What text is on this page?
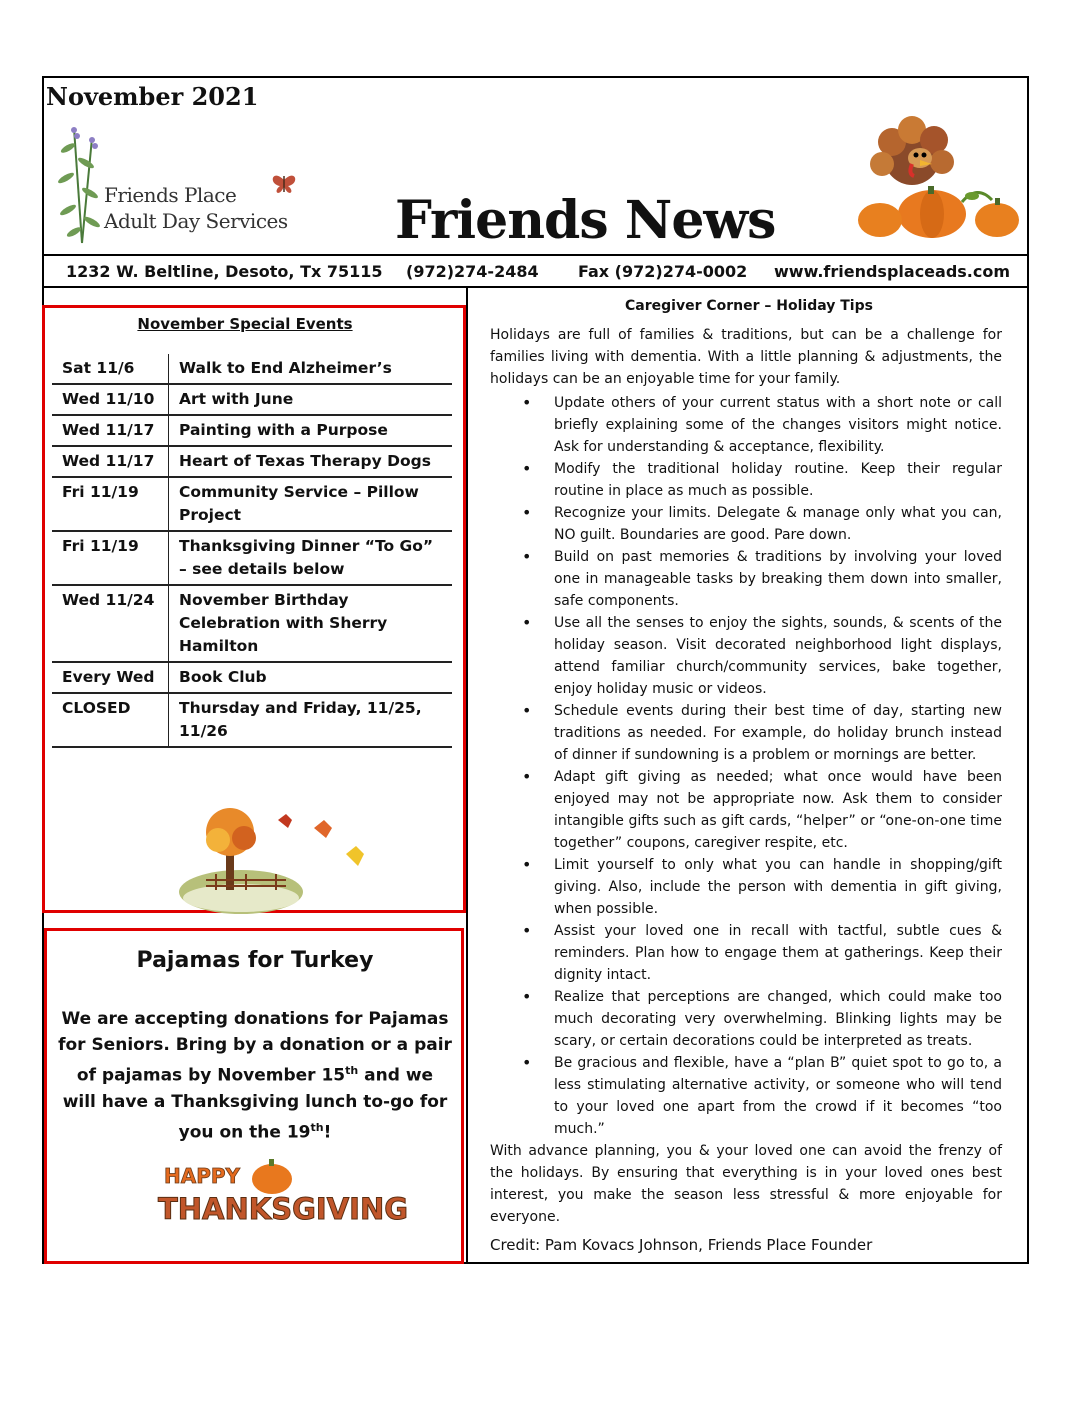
November 2021
Friends Place
Adult Day Services Friends News
1232 W. Beltline, Desoto, Tx 75115 (972)274-2484 Fax (972)274-0002 www.friendsplaceads.com
November Special Events
Sat 11/6	Walk to End Alzheimer’s
Wed 11/10	Art with June
Wed 11/17	Painting with a Purpose
Wed 11/17	Heart of Texas Therapy Dogs
Fri 11/19	Community Service – Pillow Project
Fri 11/19	Thanksgiving Dinner “To Go” – see details below
Wed 11/24	November Birthday Celebration with Sherry Hamilton
Every Wed	Book Club
CLOSED	Thursday and Friday, 11/25, 11/26
Pajamas for Turkey
We are accepting donations for Pajamas for Seniors. Bring by a donation or a pair of pajamas by November 15th and we will have a Thanksgiving lunch to-go for you on the 19th!
HAPPY
THANKSGIVING
Caregiver Corner – Holiday Tips
Holidays are full of families & traditions, but can be a challenge for families living with dementia. With a little planning & adjustments, the holidays can be an enjoyable time for your family.
• Update others of your current status with a short note or call briefly explaining some of the changes visitors might notice. Ask for understanding & acceptance, flexibility.
• Modify the traditional holiday routine. Keep their regular routine in place as much as possible.
• Recognize your limits. Delegate & manage only what you can, NO guilt. Boundaries are good. Pare down.
• Build on past memories & traditions by involving your loved one in manageable tasks by breaking them down into smaller, safe components.
• Use all the senses to enjoy the sights, sounds, & scents of the holiday season. Visit decorated neighborhood light displays, attend familiar church/community services, bake together, enjoy holiday music or videos.
• Schedule events during their best time of day, starting new traditions as needed. For example, do holiday brunch instead of dinner if sundowning is a problem or mornings are better.
• Adapt gift giving as needed; what once would have been enjoyed may not be appropriate now. Ask them to consider intangible gifts such as gift cards, “helper” or “one-on-one time together” coupons, caregiver respite, etc.
• Limit yourself to only what you can handle in shopping/gift giving. Also, include the person with dementia in gift giving, when possible.
• Assist your loved one in recall with tactful, subtle cues & reminders. Plan how to engage them at gatherings. Keep their dignity intact.
• Realize that perceptions are changed, which could make too much decorating very overwhelming. Blinking lights may be scary, or certain decorations could be interpreted as treats.
• Be gracious and flexible, have a “plan B” quiet spot to go to, a less stimulating alternative activity, or someone who will tend to your loved one apart from the crowd if it becomes “too much.”
With advance planning, you & your loved one can avoid the frenzy of the holidays. By ensuring that everything is in your loved ones best interest, you make the season less stressful & more enjoyable for everyone.
Credit: Pam Kovacs Johnson, Friends Place Founder
